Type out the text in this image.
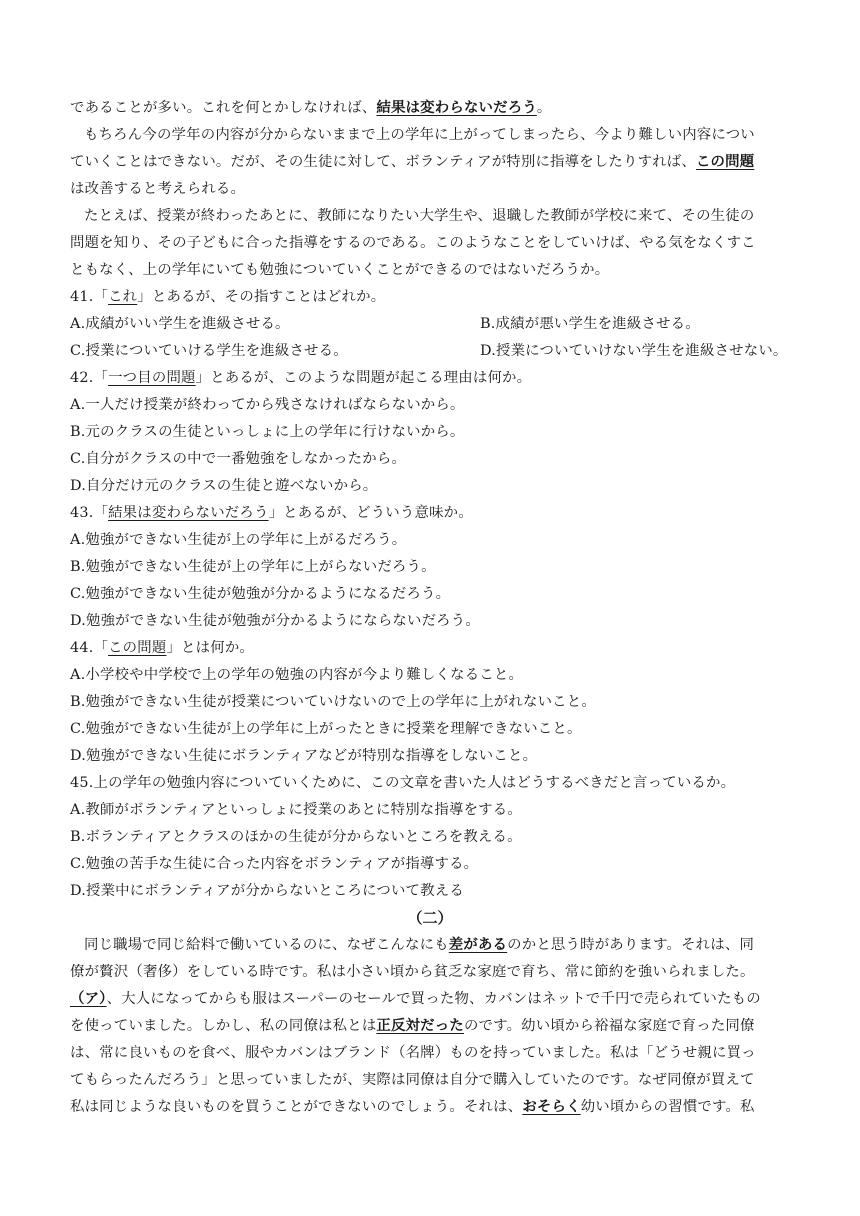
であることが多い。これを何とかしなければ、結果は変わらないだろう。
もちろん今の学年の内容が分からないままで上の学年に上がってしまったら、今より難しい内容につい
ていくことはできない。だが、その生徒に対して、ボランティアが特別に指導をしたりすれば、この問題
は改善すると考えられる。
たとえば、授業が終わったあとに、教師になりたい大学生や、退職した教師が学校に来て、その生徒の
問題を知り、その子どもに合った指導をするのである。このようなことをしていけば、やる気をなくすこ
ともなく、上の学年にいても勉強についていくことができるのではないだろうか。
41.「これ」とあるが、その指すことはどれか。
A.成績がいい学生を進級させる。	B.成績が悪い学生を進級させる。
C.授業についていける学生を進級させる。	D.授業についていけない学生を進級させない。
42.「一つ目の問題」とあるが、このような問題が起こる理由は何か。
A.一人だけ授業が終わってから残さなければならないから。
B.元のクラスの生徒といっしょに上の学年に行けないから。
C.自分がクラスの中で一番勉強をしなかったから。
D.自分だけ元のクラスの生徒と遊べないから。
43.「結果は変わらないだろう」とあるが、どういう意味か。
A.勉強ができない生徒が上の学年に上がるだろう。
B.勉強ができない生徒が上の学年に上がらないだろう。
C.勉強ができない生徒が勉強が分かるようになるだろう。
D.勉強ができない生徒が勉強が分かるようにならないだろう。
44.「この問題」とは何か。
A.小学校や中学校で上の学年の勉強の内容が今より難しくなること。
B.勉強ができない生徒が授業についていけないので上の学年に上がれないこと。
C.勉強ができない生徒が上の学年に上がったときに授業を理解できないこと。
D.勉強ができない生徒にボランティアなどが特別な指導をしないこと。
45.上の学年の勉強内容についていくために、この文章を書いた人はどうするべきだと言っているか。
A.教師がボランティアといっしょに授業のあとに特別な指導をする。
B.ボランティアとクラスのほかの生徒が分からないところを教える。
C.勉強の苦手な生徒に合った内容をボランティアが指導する。
D.授業中にボランティアが分からないところについて教える
（二）
同じ職場で同じ給料で働いているのに、なぜこんなにも差があるのかと思う時があります。それは、同
僚が贅沢（奢侈）をしている時です。私は小さい頃から貧乏な家庭で育ち、常に節約を強いられました。
（ア）、大人になってからも服はスーパーのセールで買った物、カバンはネットで千円で売られていたもの
を使っていました。しかし、私の同僚は私とは正反対だったのです。幼い頃から裕福な家庭で育った同僚
は、常に良いものを食べ、服やカバンはブランド（名牌）ものを持っていました。私は「どうせ親に買っ
てもらったんだろう」と思っていましたが、実際は同僚は自分で購入していたのです。なぜ同僚が買えて
私は同じような良いものを買うことができないのでしょう。それは、おそらく幼い頃からの習慣です。私
